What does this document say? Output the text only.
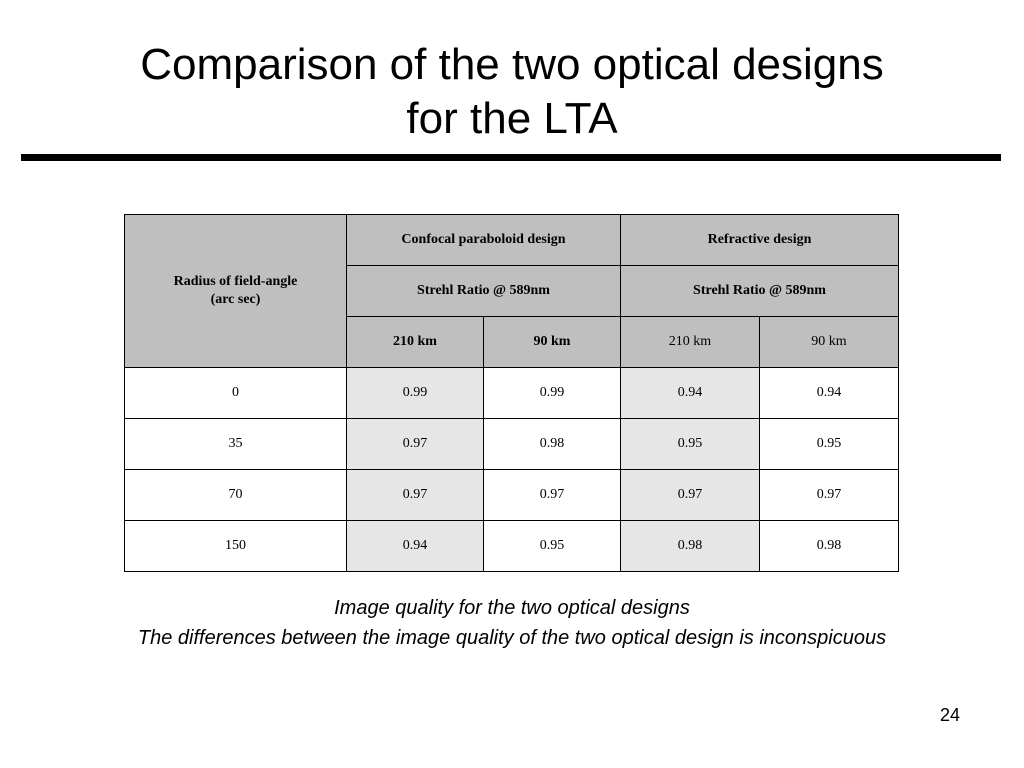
Comparison of the two optical designs
for the LTA
Radius of field-angle
(arc sec)	Confocal paraboloid design		Refractive design	
	Strehl Ratio @ 589nm		Strehl Ratio @ 589nm	
	210 km	90 km	210 km	90 km
0	0.99	0.99	0.94	0.94
35	0.97	0.98	0.95	0.95
70	0.97	0.97	0.97	0.97
150	0.94	0.95	0.98	0.98
Image quality for the two optical designs
The differences between the image quality of the two optical design is inconspicuous
24
